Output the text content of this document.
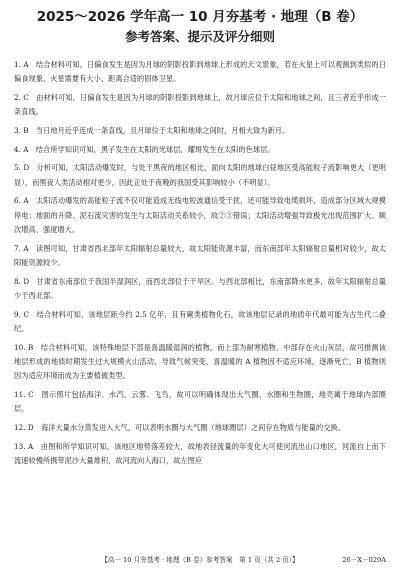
2025～2026 学年高一 10 月夯基考 · 地理（B 卷）
参考答案、提示及评分细则

1. A　结合材料可知，日偏食发生是因为月球的阴影投影到地球上形成的天文景象，若在火星上可以观测到类似的日偏食现象，火星需要有大小、距离合适的固体卫星。

2. C　由材料可知，日偏食发生是因为月球的阴影投影到地球上，故月球应位于太阳和地球之间，且三者近乎形成一条直线。

3. B　当日地月近乎连成一条直线，且月球位于太阳和地球之间时，月相大致为新月。

4. A　结合所学知识可知，黑子发生在太阳的光球层，耀斑发生在太阳的色球层。

5. D　分析可知，太阳活动爆发时，与处于黑夜的地区相比，面向太阳的地球白昼地区受高能粒子流影响更大（更明显），而黑夜人类活动相对更少，因此正处于夜晚的我国受其影响较小（不明显）。

6. A　太阳活动爆发的高能粒子流不仅可能造成无线电短波通信受干扰，还可能导致电缆损坏，造成部分区域大规模停电；地面的升降、泥石流灾害的发生与太阳活动关系较小，故②③错误；太阳活动增强导致极光出现范围扩大、频次增高、强度增大。

7. A　读图可知，甘肃省西北部年太阳辐射总量较大，故太阳能资源丰富，而东南部年太阳辐射总量相对较少，故太阳能资源较少。

8. D　甘肃省东南部位于我国半湿润区，而西北部位于干旱区。与西北部相比，东南部降水更多，故年太阳辐射总量少于西北部。

9. C　结合材料可知，该地层距今约 2.5 亿年，且有蕨类植物化石，故该地层记录的地质年代最可能为古生代二叠纪。

10. B　结合材料可知，该特殊地层下部是喜温暖湿润的植物，而上部为耐寒植物，中部存在火山灰层，故可推测该地层形成的地质时期发生过大规模火山活动，导致气候突变，喜温暖的 A 植物因不适应环境，逐渐死亡，B 植物则因为适应环境而成为主要植被类型。

11. C　图示照片包括海洋、水汽、云雾、飞鸟，故可以明确体现出大气圈、水圈和生物圈，地壳属于地球内部圈层。

12. D　海洋大量水分蒸发进入大气，可以表明水圈与大气圈（地球圈层）之间存在物质与能量的交换。

13. A　由图和所学知识可知，该地区地势落差较大，故地表径流量的年变化大可使河流出山口地区，河流自上而下流速较慢所携带泥沙大量堆积，故河流向人海口，故左图应

【高一 10 月夯基考 · 地理（B 卷）参考答案　第 1 页（共 2 页）】	26－X－029A
